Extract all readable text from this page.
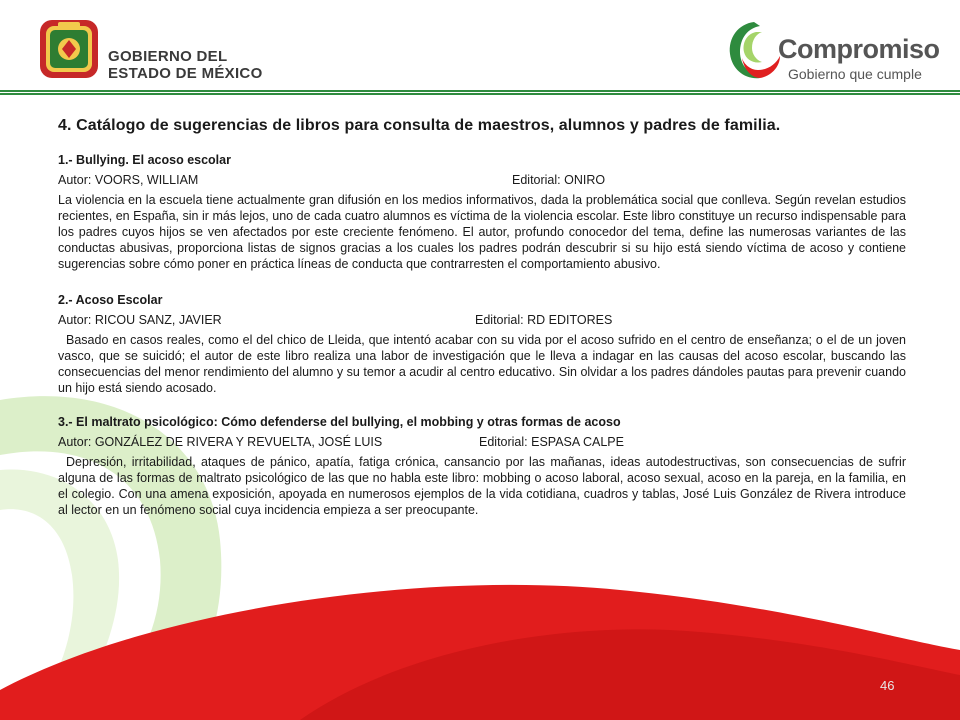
GOBIERNO DEL
ESTADO DE MÉXICO
Compromiso
Gobierno que cumple
4. Catálogo de sugerencias de libros para consulta de maestros, alumnos y padres de familia.
1.- Bullying. El acoso escolar
Autor: VOORS, WILLIAM	Editorial: ONIRO

La violencia en la escuela tiene actualmente gran difusión en los medios informativos, dada la problemática social que conlleva. Según revelan estudios recientes, en España, sin ir más lejos, uno de cada cuatro alumnos es víctima de la violencia escolar. Este libro constituye un recurso indispensable para los padres cuyos hijos se ven afectados por este creciente fenómeno. El autor, profundo conocedor del tema, define las numerosas variantes de las conductas abusivas, proporciona listas de signos gracias a los cuales los padres podrán descubrir si su hijo está siendo víctima de acoso y contiene sugerencias sobre cómo poner en práctica líneas de conducta que contrarresten el comportamiento abusivo.

2.- Acoso Escolar
Autor: RICOU SANZ, JAVIER	Editorial: RD EDITORES

Basado en casos reales, como el del chico de Lleida, que intentó acabar con su vida por el acoso sufrido en el centro de enseñanza; o el de un joven vasco, que se suicidó; el autor de este libro realiza una labor de investigación que le lleva a indagar en las causas del acoso escolar, buscando las consecuencias del menor rendimiento del alumno y su temor a acudir al centro educativo. Sin olvidar a los padres dándoles pautas para prevenir cuando un hijo está siendo acosado.

3.- El maltrato psicológico: Cómo defenderse del bullying, el mobbing y otras formas de acoso
Autor: GONZÁLEZ DE RIVERA Y REVUELTA, JOSÉ LUIS	Editorial: ESPASA CALPE

Depresión, irritabilidad, ataques de pánico, apatía, fatiga crónica, cansancio por las mañanas, ideas autodestructivas, son consecuencias de sufrir alguna de las formas de maltrato psicológico de las que no habla este libro: mobbing o acoso laboral, acoso sexual, acoso en la pareja, en la familia, en el colegio. Con una amena exposición, apoyada en numerosos ejemplos de la vida cotidiana, cuadros y tablas, José Luis González de Rivera introduce al lector en un fenómeno social cuya incidencia empieza a ser preocupante.

46
